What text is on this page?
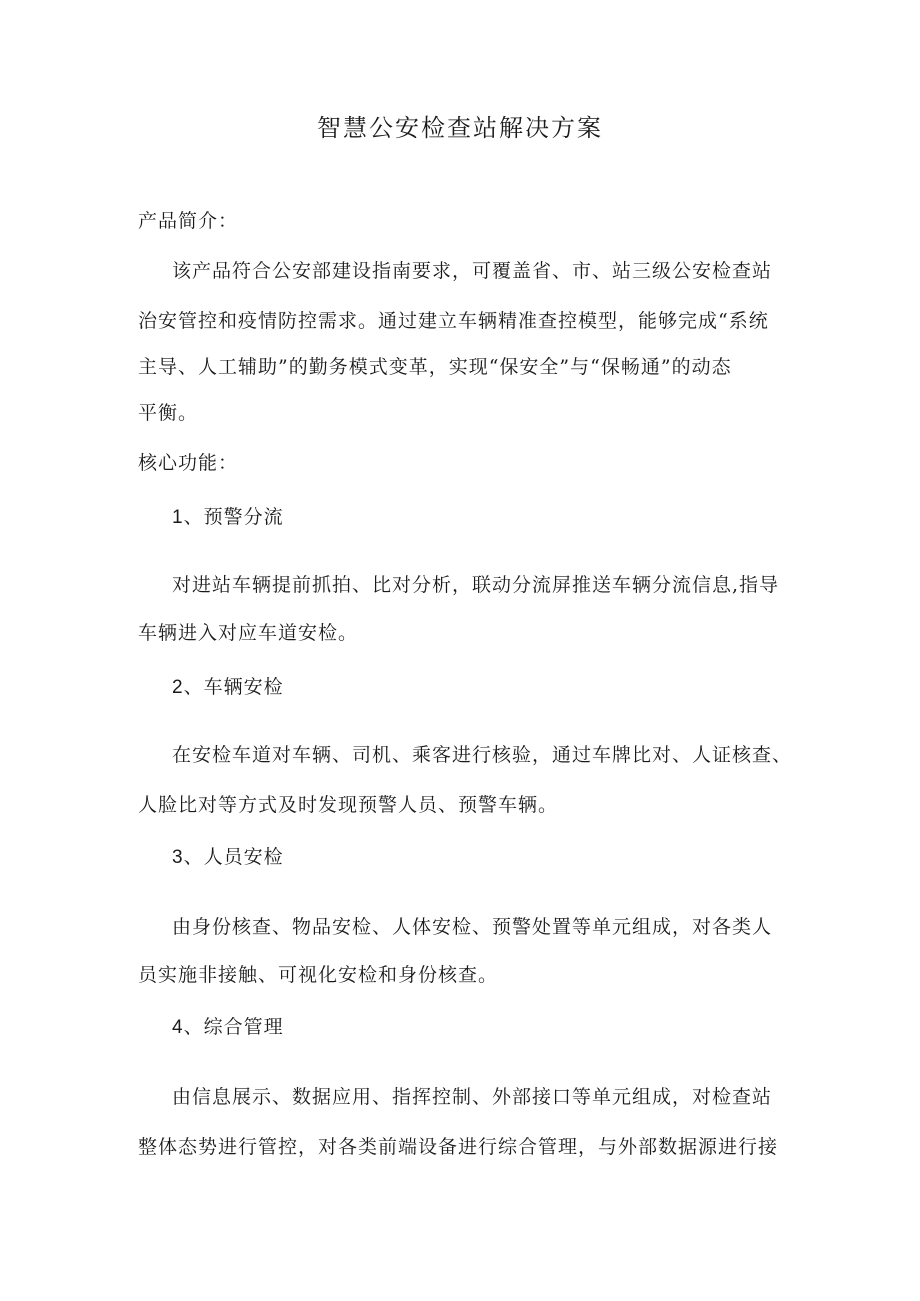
智慧公安检查站解决方案
产品简介：
该产品符合公安部建设指南要求，可覆盖省、市、站三级公安检查站
治安管控和疫情防控需求。通过建立车辆精准查控模型，能够完成“系统
主导、人工辅助”的勤务模式变革，实现“保安全”与“保畅通”的动态
平衡。
核心功能：
1、预警分流
对进站车辆提前抓拍、比对分析，联动分流屏推送车辆分流信息,指导
车辆进入对应车道安检。
2、车辆安检
在安检车道对车辆、司机、乘客进行核验，通过车牌比对、人证核查、
人脸比对等方式及时发现预警人员、预警车辆。
3、人员安检
由身份核查、物品安检、人体安检、预警处置等单元组成，对各类人
员实施非接触、可视化安检和身份核查。
4、综合管理
由信息展示、数据应用、指挥控制、外部接口等单元组成，对检查站
整体态势进行管控，对各类前端设备进行综合管理，与外部数据源进行接
